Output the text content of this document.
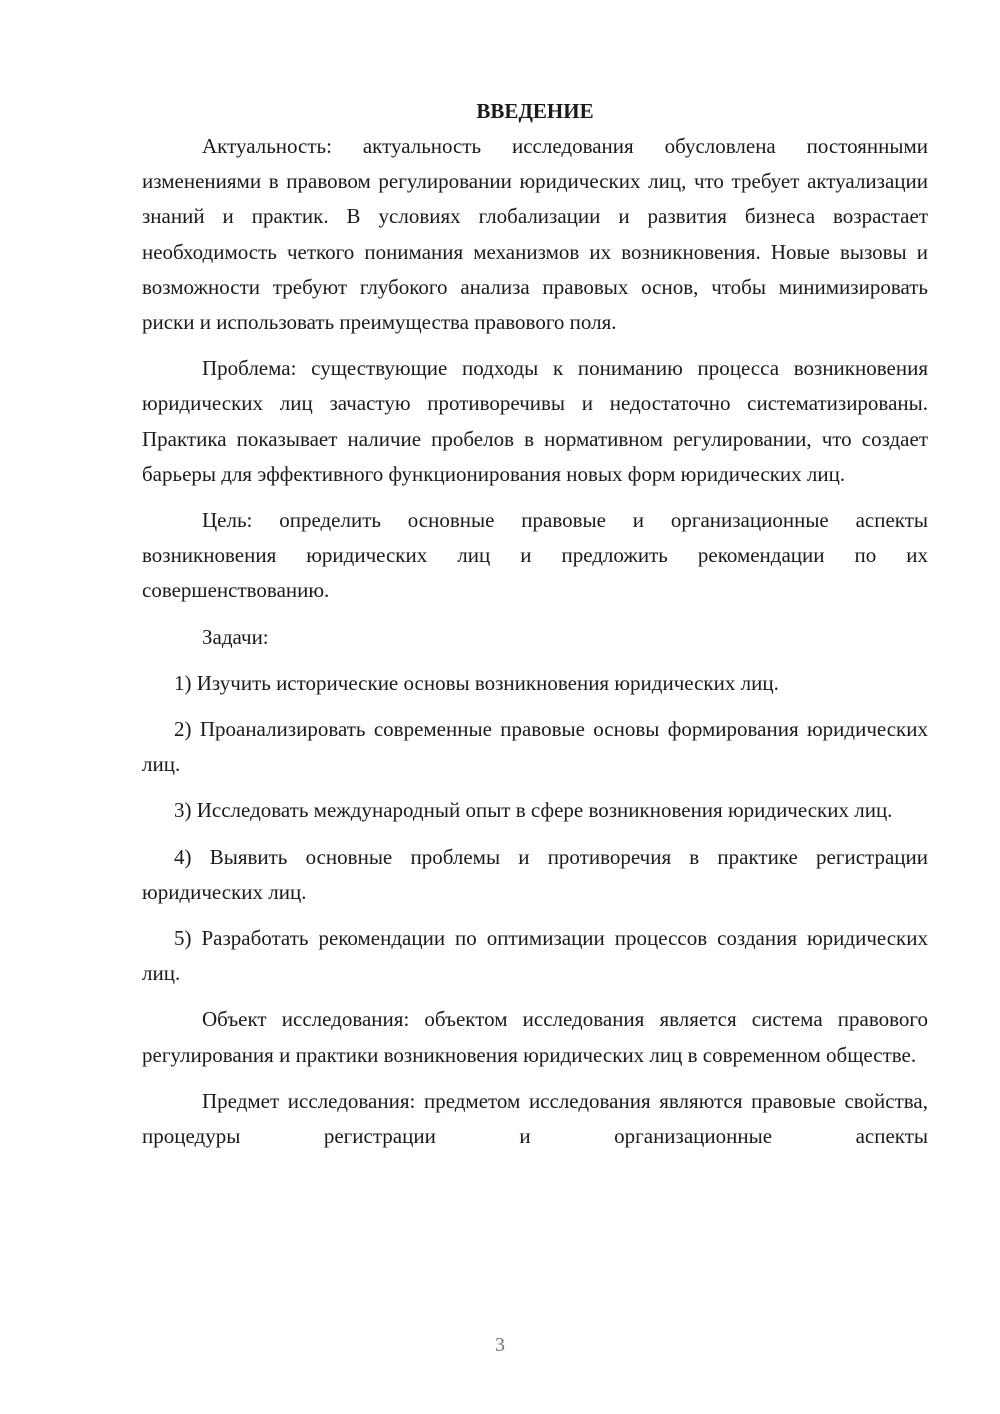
ВВЕДЕНИЕ

Актуальность: актуальность исследования обусловлена постоянными изменениями в правовом регулировании юридических лиц, что требует актуализации знаний и практик. В условиях глобализации и развития бизнеса возрастает необходимость четкого понимания механизмов их возникновения. Новые вызовы и возможности требуют глубокого анализа правовых основ, чтобы минимизировать риски и использовать преимущества правового поля.

Проблема: существующие подходы к пониманию процесса возникновения юридических лиц зачастую противоречивы и недостаточно систематизированы. Практика показывает наличие пробелов в нормативном регулировании, что создает барьеры для эффективного функционирования новых форм юридических лиц.

Цель: определить основные правовые и организационные аспекты возникновения юридических лиц и предложить рекомендации по их совершенствованию.

Задачи:

1) Изучить исторические основы возникновения юридических лиц.

2) Проанализировать современные правовые основы формирования юридических лиц.

3) Исследовать международный опыт в сфере возникновения юридических лиц.

4) Выявить основные проблемы и противоречия в практике регистрации юридических лиц.

5) Разработать рекомендации по оптимизации процессов создания юридических лиц.

Объект исследования: объектом исследования является система правового регулирования и практики возникновения юридических лиц в современном обществе.

Предмет исследования: предметом исследования являются правовые свойства, процедуры регистрации и организационные аспекты

3
